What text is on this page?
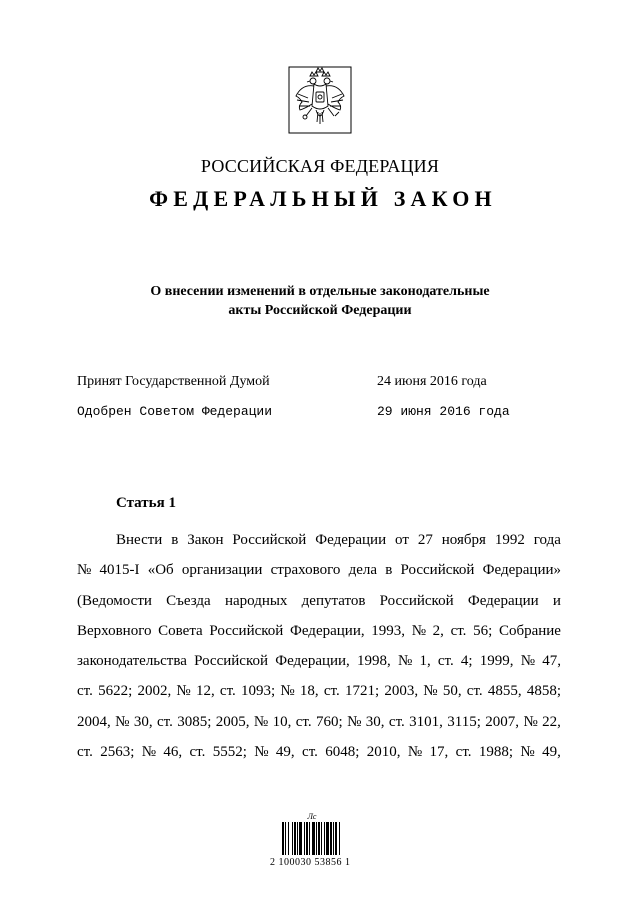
РОССИЙСКАЯ ФЕДЕРАЦИЯ
ФЕДЕРАЛЬНЫЙ ЗАКОН
О внесении изменений в отдельные законодательные
акты Российской Федерации
Принят Государственной Думой	24 июня 2016 года
Одобрен Советом Федерации	29 июня 2016 года
Статья 1
Внести в Закон Российской Федерации от 27 ноября 1992 года
№ 4015-I «Об организации страхового дела в Российской Федерации»
(Ведомости Съезда народных депутатов Российской Федерации и
Верховного Совета Российской Федерации, 1993, № 2, ст. 56; Собрание
законодательства Российской Федерации, 1998, № 1, ст. 4; 1999, № 47,
ст. 5622; 2002, № 12, ст. 1093; № 18, ст. 1721; 2003, № 50, ст. 4855, 4858;
2004, № 30, ст. 3085; 2005, № 10, ст. 760; № 30, ст. 3101, 3115; 2007, № 22,
ст. 2563; № 46, ст. 5552; № 49, ст. 6048; 2010, № 17, ст. 1988; № 49,
Лс
2 100030 53856 1
